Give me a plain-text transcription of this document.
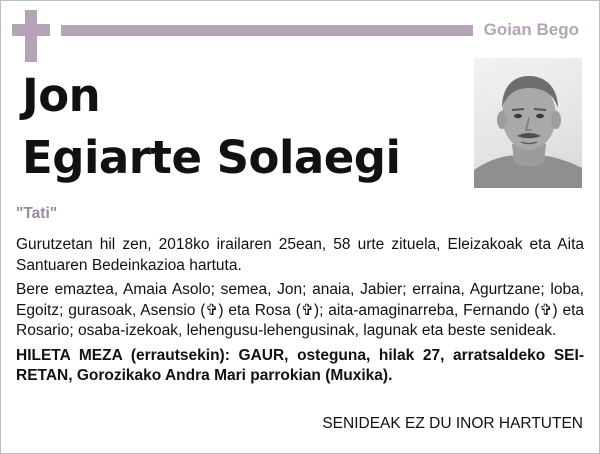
Goian Bego
Jon
Egiarte Solaegi
"Tati"

Gurutzetan hil zen, 2018ko irailaren 25ean, 58 urte zituela, Eleizakoak eta Aita Santuaren Bedeinkazioa hartuta.

Bere emaztea, Amaia Asolo; semea, Jon; anaia, Jabier; erraina, Agurtzane; loba, Egoitz; gurasoak, Asensio (✞) eta Rosa (✞); aita-amaginarreba, Fernando (✞) eta Rosario; osaba-izekoak, lehengusu-lehengusinak, lagunak eta beste senideak.

HILETA MEZA (errautsekin): GAUR, osteguna, hilak 27, arratsaldeko SEIRETAN, Gorozikako Andra Mari parrokian (Muxika).

SENIDEAK EZ DU INOR HARTUTEN
